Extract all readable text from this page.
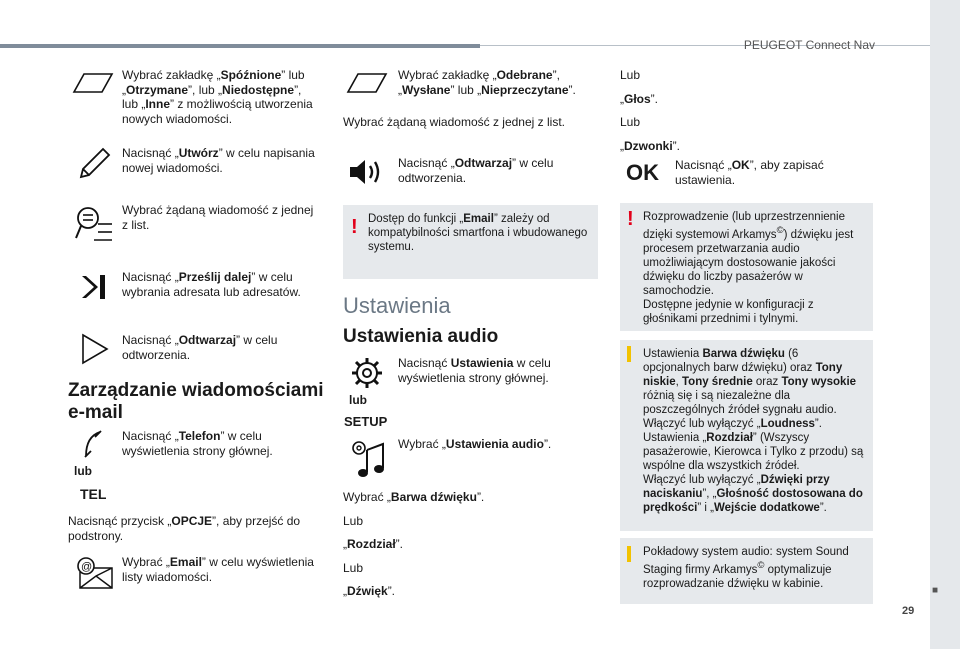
PEUGEOT Connect Nav
■
29
Wybrać zakładkę „Spóźnione” lub „Otrzymane”, lub „Niedostępne”, lub „Inne” z możliwością utworzenia nowych wiadomości.
Nacisnąć „Utwórz” w celu napisania nowej wiadomości.
Wybrać żądaną wiadomość z jednej z list.
Nacisnąć „Prześlij dalej” w celu wybrania adresata lub adresatów.
Nacisnąć „Odtwarzaj” w celu odtworzenia.
Zarządzanie wiadomościami e-mail
lub
TEL
Nacisnąć „Telefon” w celu wyświetlenia strony głównej.
Nacisnąć przycisk „OPCJE”, aby przejść do podstrony.
@ Wybrać „Email” w celu wyświetlenia listy wiadomości.
Wybrać zakładkę „Odebrane”, „Wysłane” lub „Nieprzeczytane”.
Wybrać żądaną wiadomość z jednej z list.
Nacisnąć „Odtwarzaj” w celu odtworzenia.
! Dostęp do funkcji „Email” zależy od kompatybilności smartfona i wbudowanego systemu.
Ustawienia
Ustawienia audio
lub
SETUP
Nacisnąć Ustawienia w celu wyświetlenia strony głównej.
Wybrać „Ustawienia audio”.
Wybrać „Barwa dźwięku”.
Lub
„Rozdział”.
Lub
„Dźwięk”.
Lub
„Głos”.
Lub
„Dzwonki”.
OK Nacisnąć „OK”, aby zapisać ustawienia.
! Rozprowadzenie (lub uprzestrzennienie dzięki systemowi Arkamys©) dźwięku jest procesem przetwarzania audio umożliwiającym dostosowanie jakości dźwięku do liczby pasażerów w samochodzie.
Dostępne jedynie w konfiguracji z głośnikami przednimi i tylnymi.
Ustawienia Barwa dźwięku (6 opcjonalnych barw dźwięku) oraz Tony niskie, Tony średnie oraz Tony wysokie różnią się i są niezależne dla poszczególnych źródeł sygnału audio. Włączyć lub wyłączyć „Loudness”.
Ustawienia „Rozdział” (Wszyscy pasażerowie, Kierowca i Tylko z przodu) są wspólne dla wszystkich źródeł.
Włączyć lub wyłączyć „Dźwięki przy naciskaniu”, „Głośność dostosowana do prędkości” i „Wejście dodatkowe”.
Pokładowy system audio: system Sound Staging firmy Arkamys© optymalizuje rozprowadzanie dźwięku w kabinie.
